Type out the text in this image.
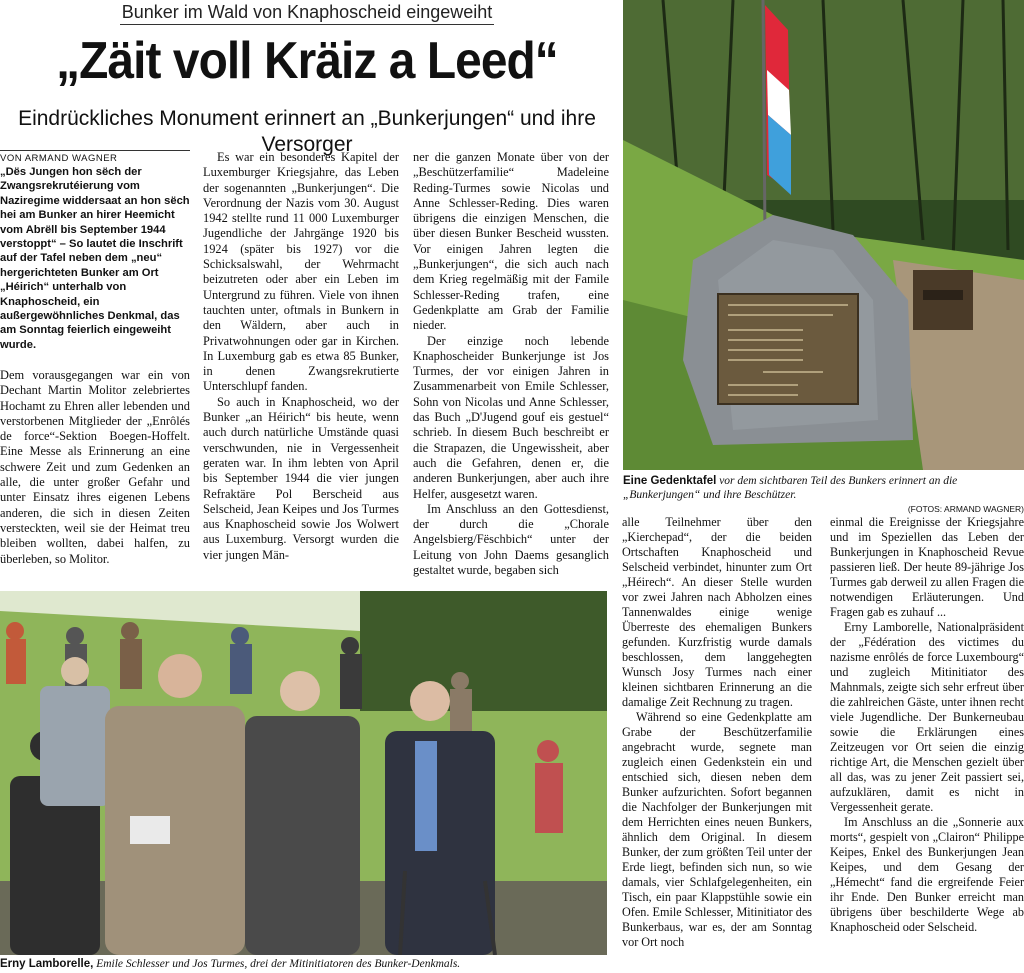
Bunker im Wald von Knaphoscheid eingeweiht
„Zäit voll Kräiz a Leed“
Eindrückliches Monument erinnert an „Bunkerjungen“ und ihre Versorger
VON ARMAND WAGNER
„Dës Jungen hon sëch der Zwangsrekrutéierung vom Naziregime widdersaat an hon sëch hei am Bunker an hirer Heemicht vom Abrëll bis September 1944 verstoppt“ – So lautet die Inschrift auf der Tafel neben dem „neu“ hergerichteten Bunker am Ort „Héirich“ unterhalb von Knaphoscheid, ein außergewöhnliches Denkmal, das am Sonntag feierlich eingeweiht wurde.

Dem vorausgegangen war ein von Dechant Martin Molitor zelebriertes Hochamt zu Ehren aller lebenden und verstorbenen Mitglieder der „Enrôlés de force“-Sektion Boegen-Hoffelt. Eine Messe als Erinnerung an eine schwere Zeit und zum Gedenken an alle, die unter großer Gefahr und unter Einsatz ihres eigenen Lebens anderen, die sich in diesen Zeiten versteckten, weil sie der Heimat treu bleiben wollten, dabei halfen, zu überleben, so Molitor.

Es war ein besonderes Kapitel der Luxemburger Kriegsjahre, das Leben der sogenannten „Bunkerjungen“. Die Verordnung der Nazis vom 30. August 1942 stellte rund 11 000 Luxemburger Jugendliche der Jahrgänge 1920 bis 1924 (später bis 1927) vor die Schicksalswahl, der Wehrmacht beizutreten oder aber ein Leben im Untergrund zu führen. Viele von ihnen tauchten unter, oftmals in Bunkern in den Wäldern, aber auch in Privatwohnungen oder gar in Kirchen. In Luxemburg gab es etwa 85 Bunker, in denen Zwangsrekrutierte Unterschlupf fanden.

So auch in Knaphoscheid, wo der Bunker „an Héirich“ bis heute, wenn auch durch natürliche Umstände quasi verschwunden, nie in Vergessenheit geraten war. In ihm lebten von April bis September 1944 die vier jungen Refraktäre Pol Berscheid aus Selscheid, Jean Keipes und Jos Turmes aus Knaphoscheid sowie Jos Wolwert aus Luxemburg. Versorgt wurden die vier jungen Män-

ner die ganzen Monate über von der „Beschützerfamilie“ Madeleine Reding-Turmes sowie Nicolas und Anne Schlesser-Reding. Dies waren übrigens die einzigen Menschen, die über diesen Bunker Bescheid wussten. Vor einigen Jahren legten die „Bunkerjungen“, die sich auch nach dem Krieg regelmäßig mit der Famile Schlesser-Reding trafen, eine Gedenkplatte am Grab der Familie nieder.

Der einzige noch lebende Knaphoscheider Bunkerjunge ist Jos Turmes, der vor einigen Jahren in Zusammenarbeit von Emile Schlesser, Sohn von Nicolas und Anne Schlesser, das Buch „D'Jugend gouf eis gestuel“ schrieb. In diesem Buch beschreibt er die Strapazen, die Ungewissheit, aber auch die Gefahren, denen er, die anderen Bunkerjungen, aber auch ihre Helfer, ausgesetzt waren.

Im Anschluss an den Gottesdienst, der durch die „Chorale Angelsbierg/Fëschbich“ unter der Leitung von John Daems gesanglich gestaltet wurde, begaben sich

Eine Gedenktafel vor dem sichtbaren Teil des Bunkers erinnert an die „Bunkerjungen“ und ihre Beschützer.
(FOTOS: ARMAND WAGNER)
Erny Lamborelle, Emile Schlesser und Jos Turmes, drei der Mitinitiatoren des Bunker-Denkmals.

alle Teilnehmer über den „Kierchepad“, der die beiden Ortschaften Knaphoscheid und Selscheid verbindet, hinunter zum Ort „Héirech“. An dieser Stelle wurden vor zwei Jahren nach Abholzen eines Tannenwaldes einige wenige Überreste des ehemaligen Bunkers gefunden. Kurzfristig wurde damals beschlossen, dem langgehegten Wunsch Josy Turmes nach einer kleinen sichtbaren Erinnerung an die damalige Zeit Rechnung zu tragen.

Während so eine Gedenkplatte am Grabe der Beschützerfamilie angebracht wurde, segnete man zugleich einen Gedenkstein ein und entschied sich, diesen neben dem Bunker aufzurichten. Sofort begannen die Nachfolger der Bunkerjungen mit dem Herrichten eines neuen Bunkers, ähnlich dem Original. In diesem Bunker, der zum größten Teil unter der Erde liegt, befinden sich nun, so wie damals, vier Schlafgelegenheiten, ein Tisch, ein paar Klappstühle sowie ein Ofen. Emile Schlesser, Mitinitiator des Bunkerbaus, war es, der am Sonntag vor Ort noch

einmal die Ereignisse der Kriegsjahre und im Speziellen das Leben der Bunkerjungen in Knaphoscheid Revue passieren ließ. Der heute 89-jährige Jos Turmes gab derweil zu allen Fragen die notwendigen Erläuterungen. Und Fragen gab es zuhauf ...

Erny Lamborelle, Nationalpräsident der „Fédération des victimes du nazisme enrôlés de force Luxembourg“ und zugleich Mitinitiator des Mahnmals, zeigte sich sehr erfreut über die zahlreichen Gäste, unter ihnen recht viele Jugendliche. Der Bunkerneubau sowie die Erklärungen eines Zeitzeugen vor Ort seien die einzig richtige Art, die Menschen gezielt über all das, was zu jener Zeit passiert sei, aufzuklären, damit es nicht in Vergessenheit gerate.

Im Anschluss an die „Sonnerie aux morts“, gespielt von „Clairon“ Philippe Keipes, Enkel des Bunkerjungen Jean Keipes, und dem Gesang der „Hémecht“ fand die ergreifende Feier ihr Ende. Den Bunker erreicht man übrigens über beschilderte Wege ab Knaphoscheid oder Selscheid.
